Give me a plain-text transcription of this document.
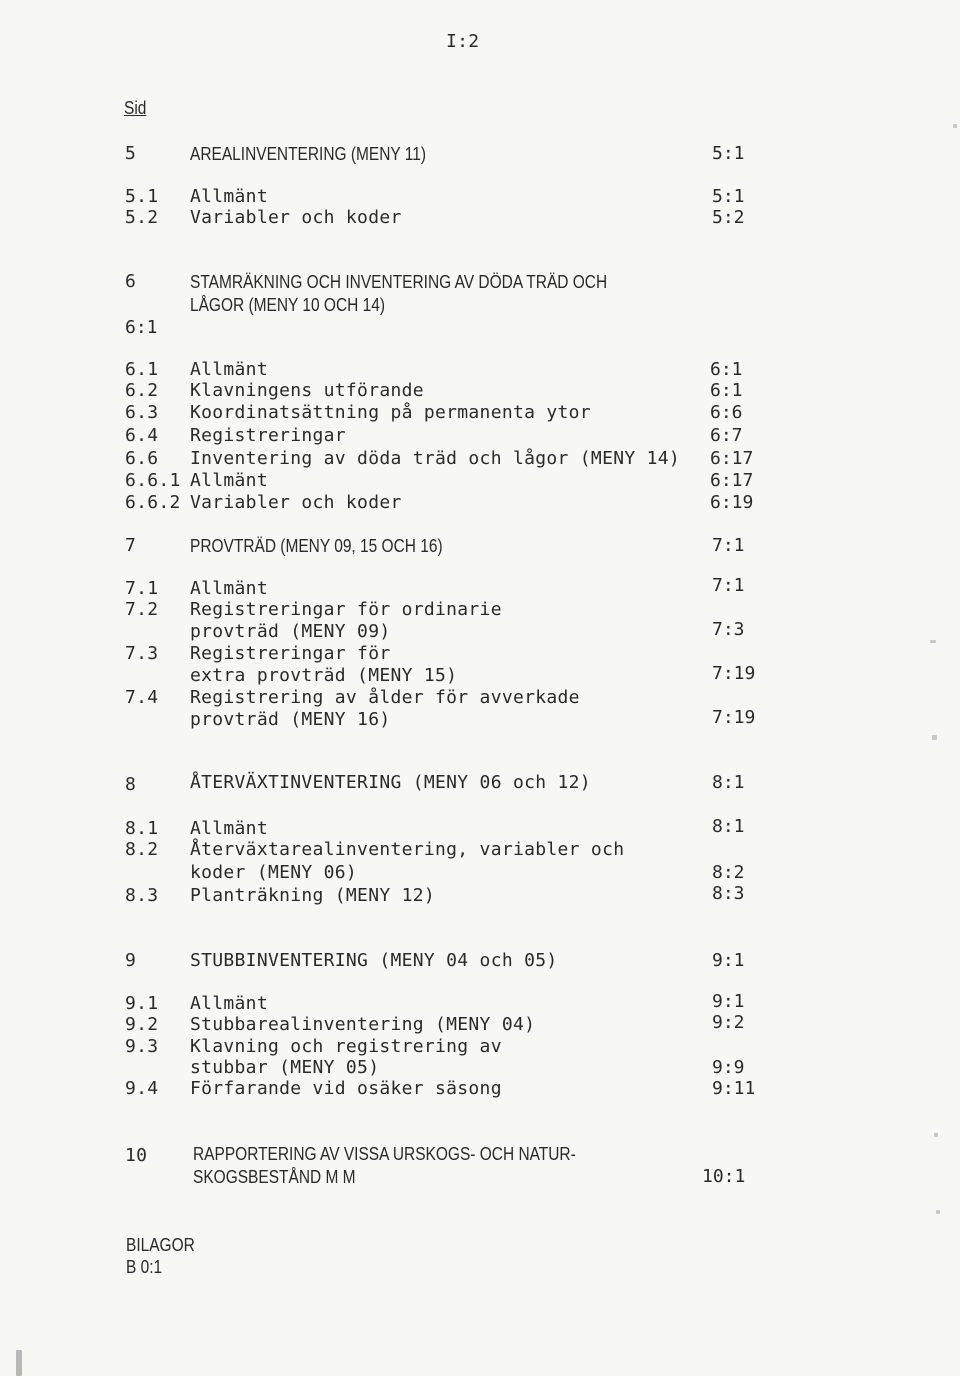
I:2
Sid
5	AREALINVENTERING (MENY 11)	5:1
5.1 Allmänt	5:1
5.2 Variabler och koder	5:2
6	STAMRÄKNING OCH INVENTERING AV DÖDA TRÄD OCH
LÅGOR (MENY 10 OCH 14)
6:1
6.1 Allmänt	6:1
6.2 Klavningens utförande	6:1
6.3 Koordinatsättning på permanenta ytor	6:6
6.4 Registreringar	6:7
6.6 Inventering av döda träd och lågor (MENY 14) 6:17
6.6.1 Allmänt	6:17
6.6.2 Variabler och koder	6:19
7	PROVTRÄD (MENY 09, 15 OCH 16)	7:1
7.1 Allmänt	7:1
7.2 Registreringar för ordinarie
provträd (MENY 09)	7:3
7.3 Registreringar för
extra provträd (MENY 15)	7:19
7.4 Registrering av ålder för avverkade
provträd (MENY 16)	7:19
8	ÅTERVÄXTINVENTERING (MENY 06 och 12)	8:1
8.1 Allmänt	8:1
8.2 Återväxtarealinventering, variabler och
koder (MENY 06)	8:2
8.3 Planträkning (MENY 12)	8:3
9	STUBBINVENTERING (MENY 04 och 05)	9:1
9.1 Allmänt	9:1
9.2 Stubbarealinventering (MENY 04)	9:2
9.3 Klavning och registrering av
stubbar (MENY 05)	9:9
9.4 Förfarande vid osäker säsong	9:11
10	RAPPORTERING AV VISSA URSKOGS- OCH NATUR-
SKOGSBESTÅND M M	10:1
BILAGOR
B 0:1
